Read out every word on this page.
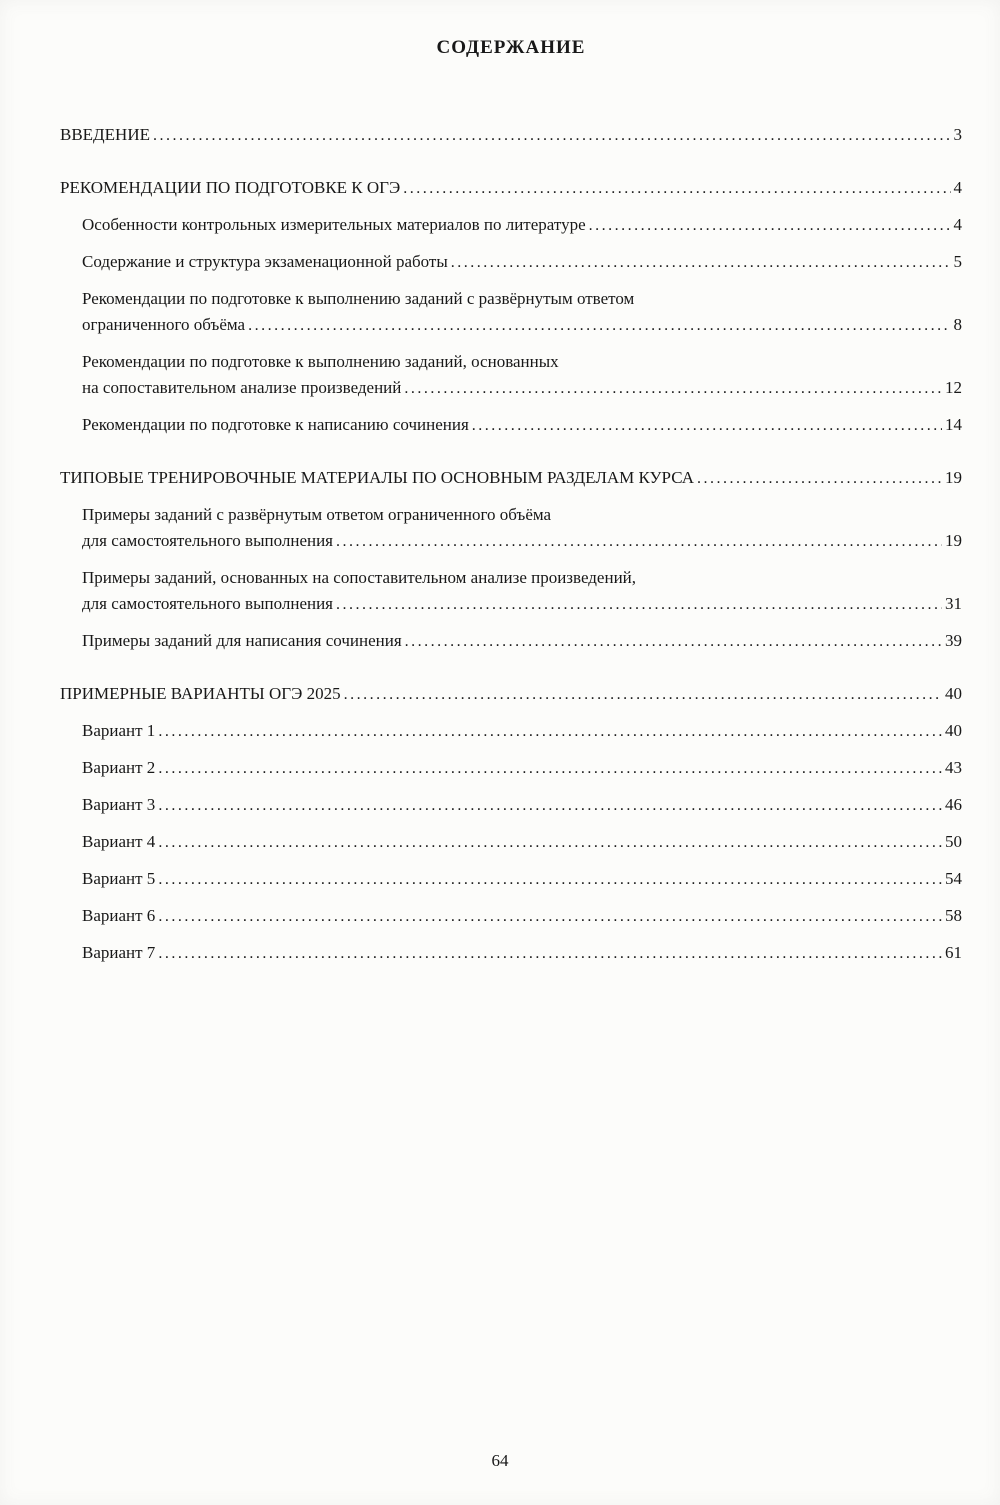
СОДЕРЖАНИЕ
ВВЕДЕНИЕ .....	3
РЕКОМЕНДАЦИИ ПО ПОДГОТОВКЕ К ОГЭ .....	4
Особенности контрольных измерительных материалов по литературе .....	4
Содержание и структура экзаменационной работы .....	5
Рекомендации по подготовке к выполнению заданий с развёрнутым ответом
ограниченного объёма .....	8
Рекомендации по подготовке к выполнению заданий, основанных
на сопоставительном анализе произведений .....	12
Рекомендации по подготовке к написанию сочинения .....	14
ТИПОВЫЕ ТРЕНИРОВОЧНЫЕ МАТЕРИАЛЫ ПО ОСНОВНЫМ РАЗДЕЛАМ КУРСА .....	19
Примеры заданий с развёрнутым ответом ограниченного объёма
для самостоятельного выполнения .....	19
Примеры заданий, основанных на сопоставительном анализе произведений,
для самостоятельного выполнения .....	31
Примеры заданий для написания сочинения .....	39
ПРИМЕРНЫЕ ВАРИАНТЫ ОГЭ 2025 .....	40
Вариант 1 .....	40
Вариант 2 .....	43
Вариант 3 .....	46
Вариант 4 .....	50
Вариант 5 .....	54
Вариант 6 .....	58
Вариант 7 .....	61
64
